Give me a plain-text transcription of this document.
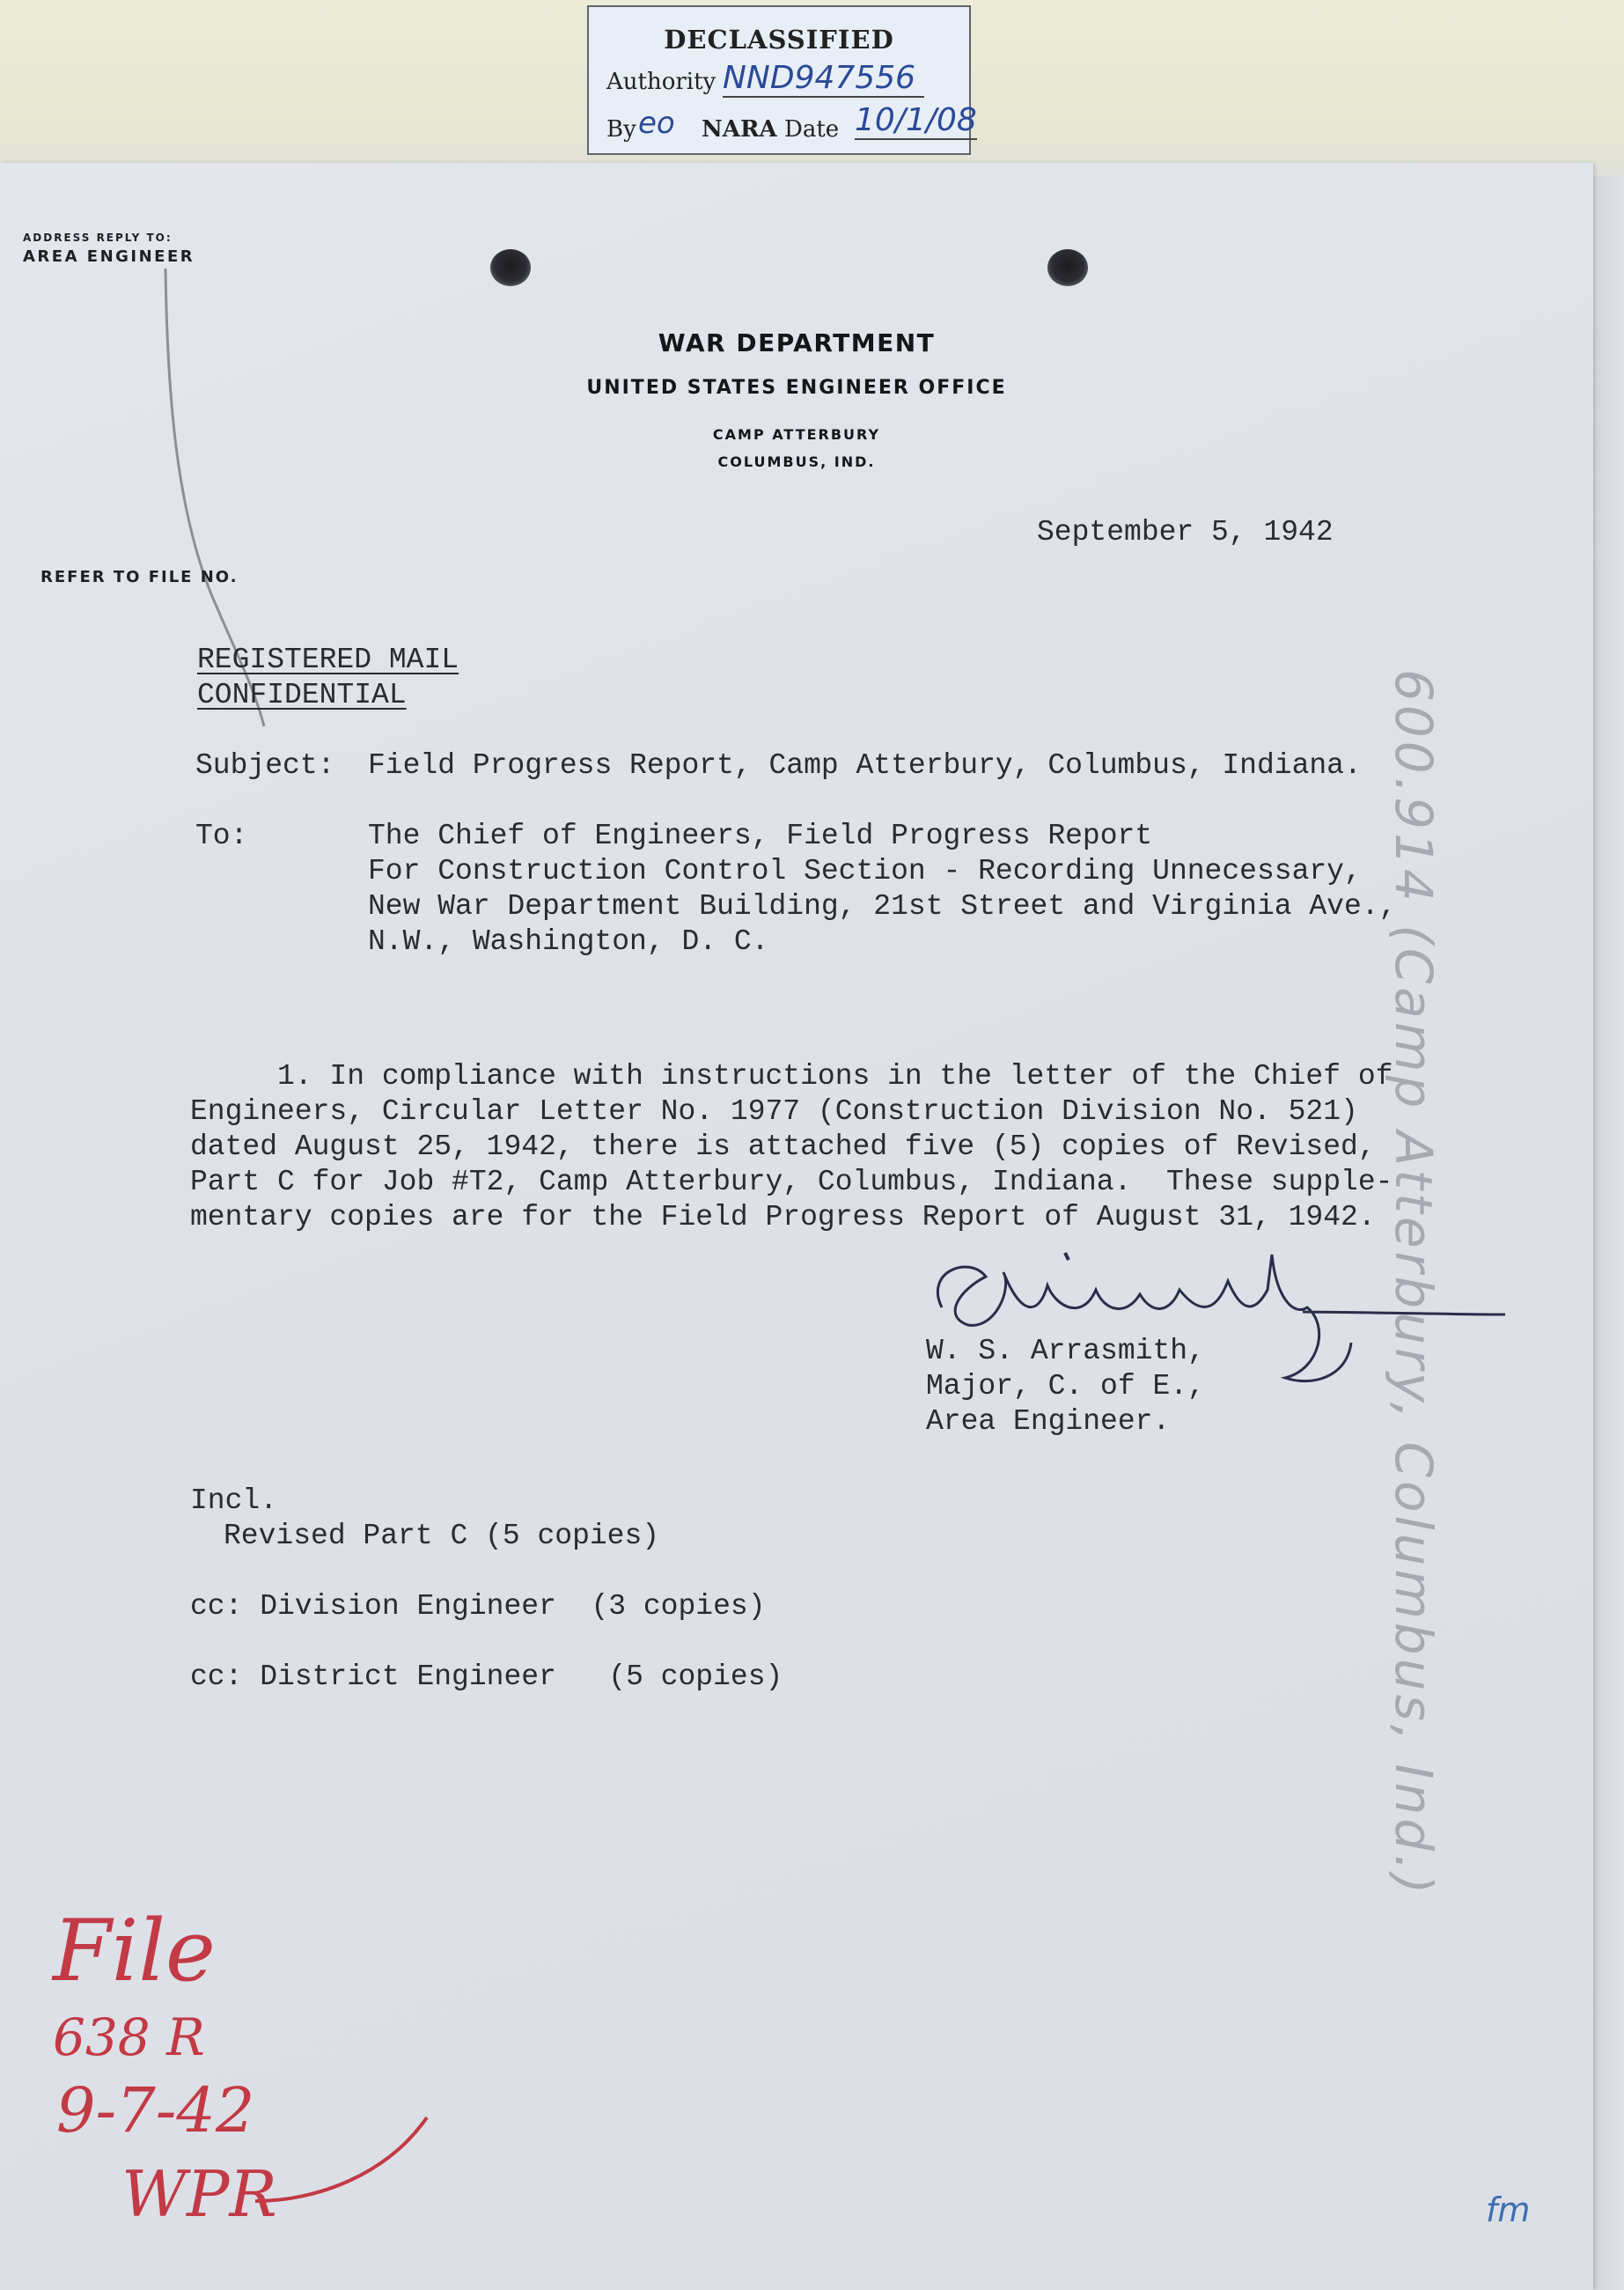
DECLASSIFIED
Authority NND947556
By eo NARA Date 10/1/08
ADDRESS REPLY TO:
AREA ENGINEER
WAR DEPARTMENT
UNITED STATES ENGINEER OFFICE
CAMP ATTERBURY
COLUMBUS, IND.
REFER TO FILE NO.
September 5, 1942
REGISTERED MAIL
CONFIDENTIAL
Subject: Field Progress Report, Camp Atterbury, Columbus, Indiana.
To:	The Chief of Engineers, Field Progress Report
For Construction Control Section - Recording Unnecessary,
New War Department Building, 21st Street and Virginia Ave.,
N.W., Washington, D. C.
1. In compliance with instructions in the letter of the Chief of
Engineers, Circular Letter No. 1977 (Construction Division No. 521)
dated August 25, 1942, there is attached five (5) copies of Revised,
Part C for Job #T2, Camp Atterbury, Columbus, Indiana.  These supple-
mentary copies are for the Field Progress Report of August 31, 1942.
W. S. Arrasmith,
Major, C. of E.,
Area Engineer.
Incl.
Revised Part C (5 copies)
cc: Division Engineer  (3 copies)
cc: District Engineer   (5 copies)	600.914 (Camp Atterbury, Columbus, Ind.)
File
638 R
9-7-42
WPR	fm
